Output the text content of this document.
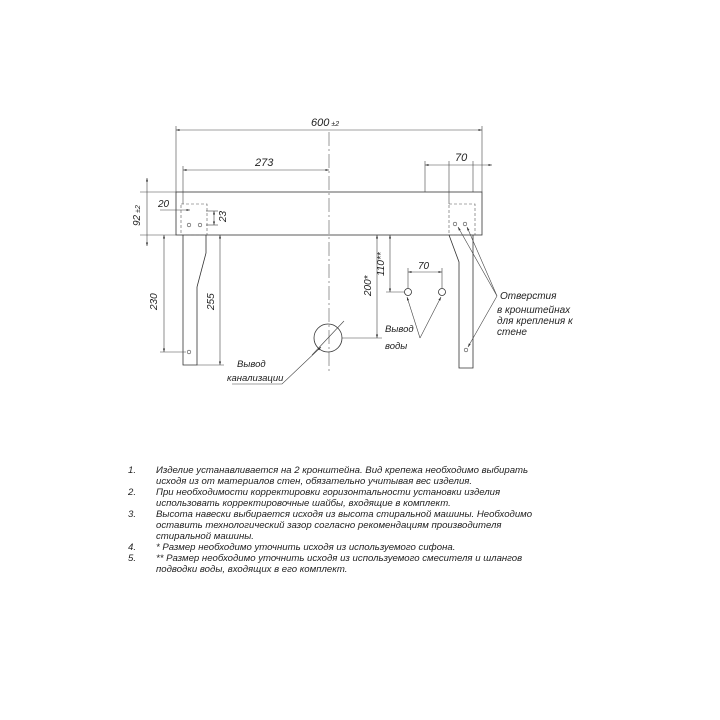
600 ±2
273	70
92±2 20
23
230	255
200*
110**	70
Вывод
канализации
Вывод
воды
Отверстия
в кронштейнах
для крепления к
стене
1.	Изделие устанавливается на 2 кронштейна. Вид крепежа необходимо выбирать
исходя из от материалов стен, обязательно учитывая вес изделия.
2.	При необходимости корректировки горизонтальности установки изделия
использовать корректировочные шайбы, входящие в комплект.
3.	Высота навески выбирается исходя из высота стиральной машины. Необходимо
оставить технологический зазор согласно рекомендациям производителя
стиральной машины.
4.	* Размер необходимо уточнить исходя из используемого сифона.
5.	** Размер необходимо уточнить исходя из используемого смесителя и шлангов
подводки воды, входящих в его комплект.
